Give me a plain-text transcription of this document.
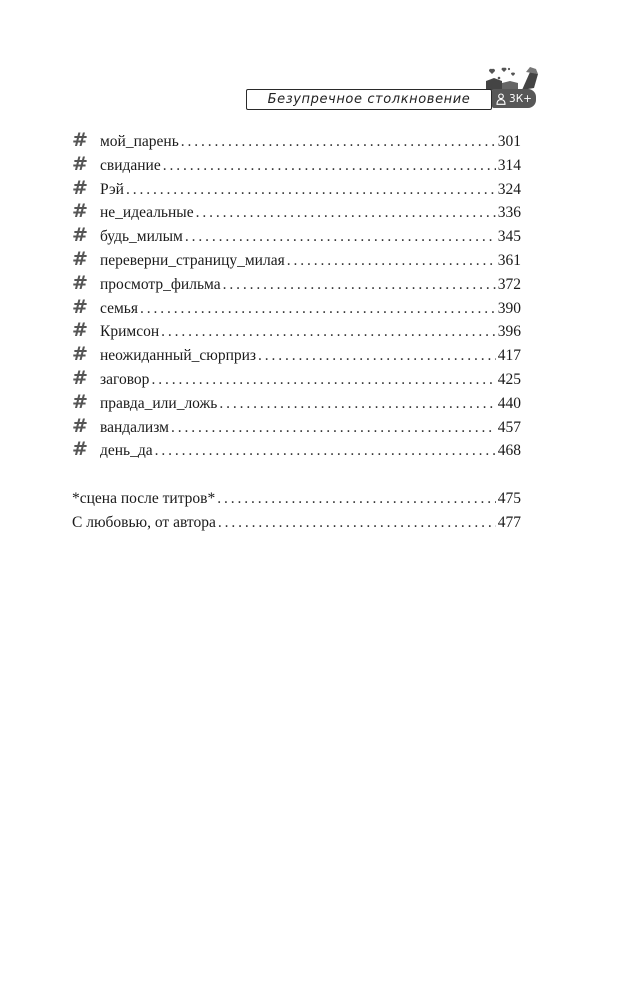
Безупречное столкновение	3К+
# мой_парень . . .	301
# свидание . . .	314
# Рэй . . .	324
# не_идеальные . . .	336
# будь_милым . . .	345
# переверни_страницу_милая . . .	361
# просмотр_фильма . . .	372
# семья . . .	390
# Кримсон . . .	396
# неожиданный_сюрприз . . .	417
# заговор . . .	425
# правда_или_ложь . . .	440
# вандализм . . .	457
# день_да . . .	468
*сцена после титров* . . .	475
С любовью, от автора . . .	477
